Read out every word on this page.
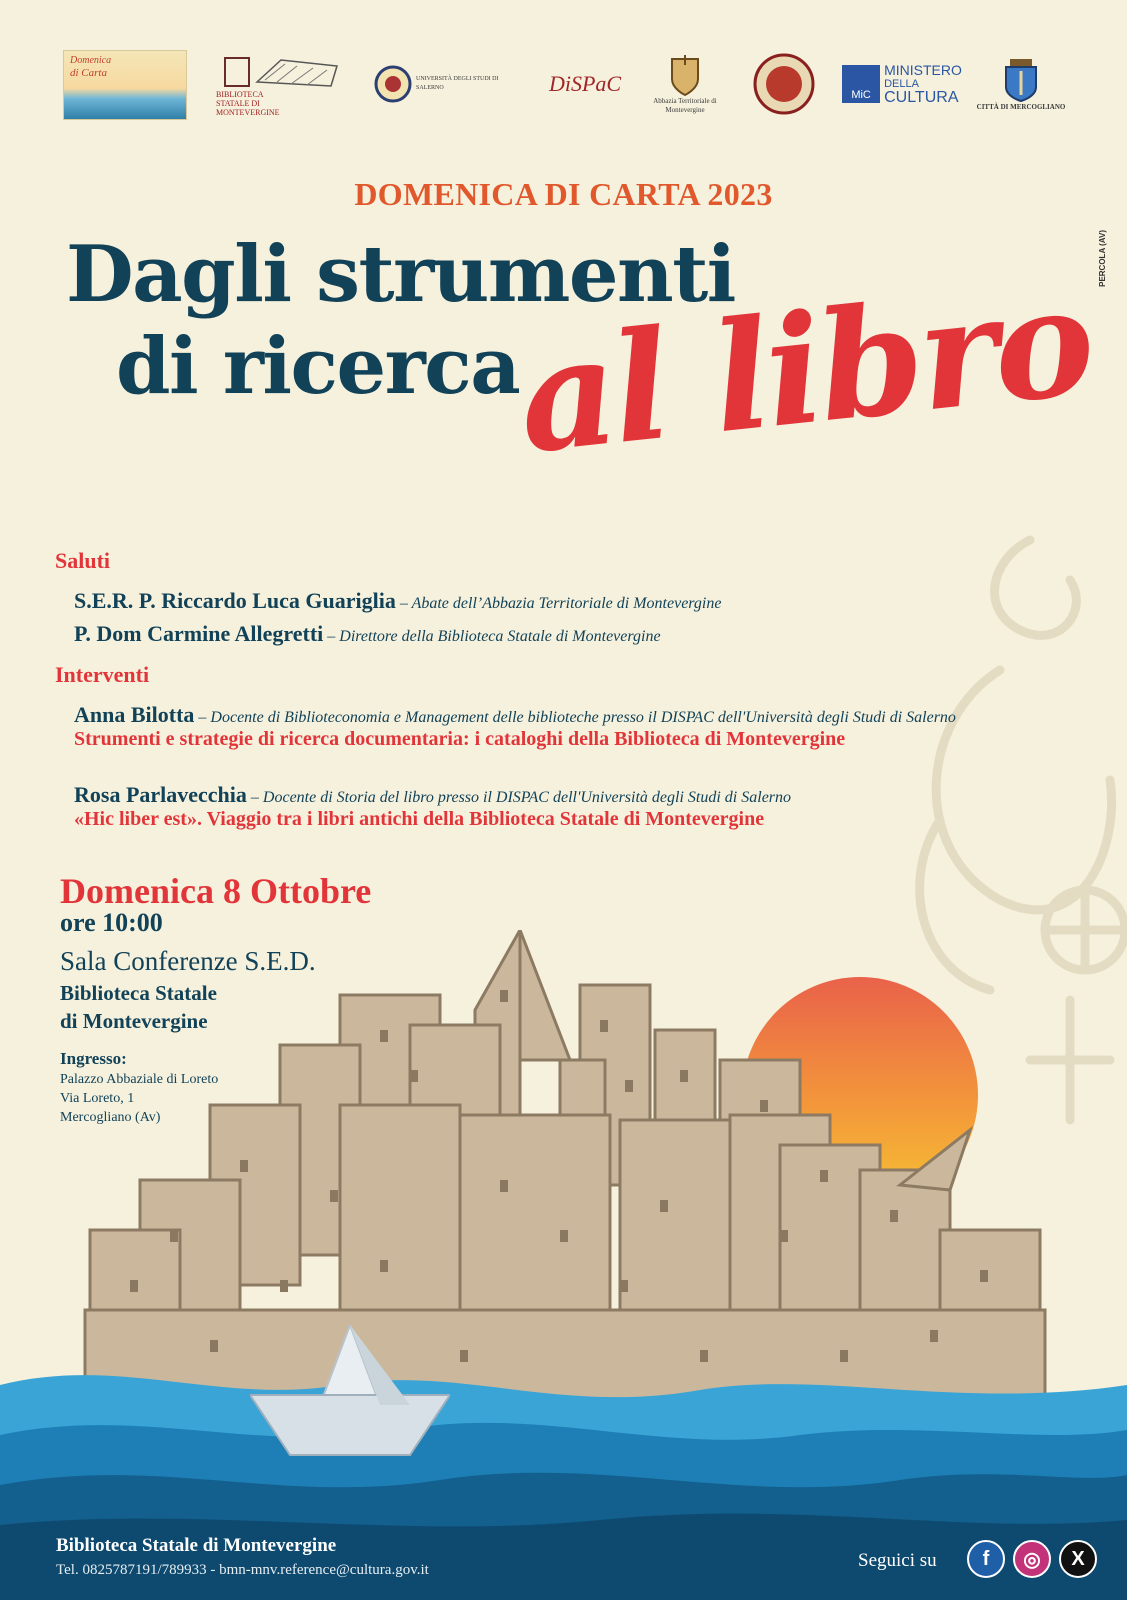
Domenica
di Carta
BIBLIOTECA STATALE DI MONTEVERGINE
UNIVERSITÀ DEGLI STUDI DI SALERNO	DiSPaC
Abbazia Territoriale di Montevergine
MiC
MINISTERO
DELLA
CULTURA
CITTÀ DI MERCOGLIANO
DOMENICA DI CARTA 2023
Dagli strumenti
di ricerca
al libro PERCOLA (AV)
Saluti
S.E.R. P. Riccardo Luca Guariglia – Abate dell’Abbazia Territoriale di Montevergine
P. Dom Carmine Allegretti – Direttore della Biblioteca Statale di Montevergine
Interventi
Anna Bilotta – Docente di Biblioteconomia e Management delle biblioteche presso il DISPAC dell'Università degli Studi di Salerno
Strumenti e strategie di ricerca documentaria: i cataloghi della Biblioteca di Montevergine
Rosa Parlavecchia – Docente di Storia del libro presso il DISPAC dell'Università degli Studi di Salerno
«Hic liber est». Viaggio tra i libri antichi della Biblioteca Statale di Montevergine
Domenica 8 Ottobre
ore 10:00
Sala Conferenze S.E.D.
Biblioteca Statale
di Montevergine
Ingresso:
Palazzo Abbaziale di Loreto
Via Loreto, 1
Mercogliano (Av)
Biblioteca Statale di Montevergine
Tel. 0825787191/789933 - bmn-mnv.reference@cultura.gov.it	Seguici su	f	◎	X
